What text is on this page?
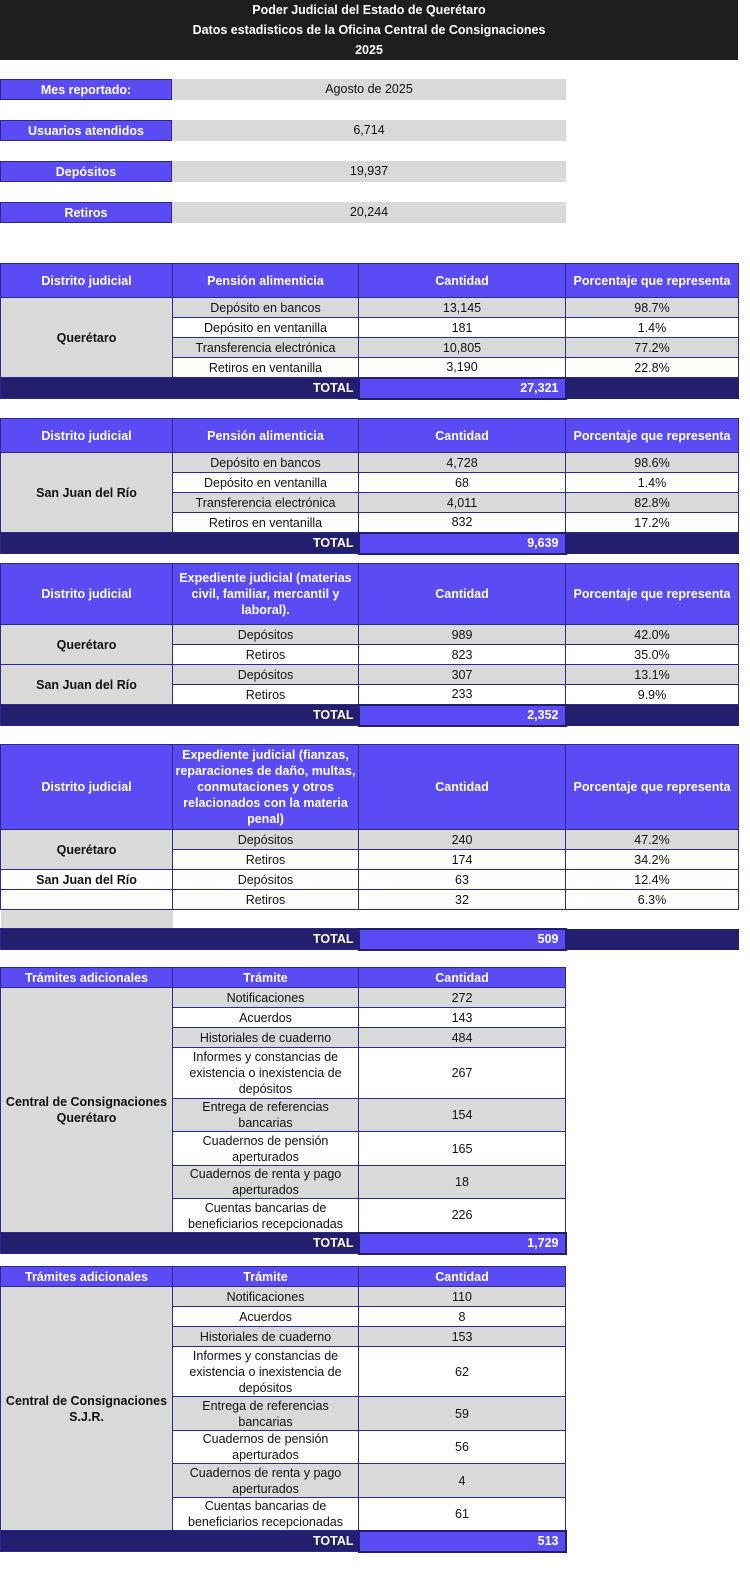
Poder Judicial del Estado de Querétaro
Datos estadisticos de la Oficina Central de Consignaciones
2025
Mes reportado:	Agosto de 2025
Usuarios atendidos	6,714
Depósitos	19,937
Retiros	20,244
Distrito judicial	Pensión alimenticia	Cantidad	Porcentaje que representa
Querétaro	Depósito en bancos	13,145	98.7%
	Depósito en ventanilla	181	1.4%
	Transferencia electrónica	10,805	77.2%
	Retiros en ventanilla	3,190	22.8%
TOTAL		27,321	
Distrito judicial	Pensión alimenticia	Cantidad	Porcentaje que representa
San Juan del Río	Depósito en bancos	4,728	98.6%
	Depósito en ventanilla	68	1.4%
	Transferencia electrónica	4,011	82.8%
	Retiros en ventanilla	832	17.2%
TOTAL		9,639	
Distrito judicial	Expediente judicial (materias civil, familiar, mercantil y laboral).	Cantidad	Porcentaje que representa
Querétaro	Depósitos	989	42.0%
	Retiros	823	35.0%
San Juan del Río	Depósitos	307	13.1%
	Retiros	233	9.9%
TOTAL		2,352	
Distrito judicial	Expediente judicial (fianzas, reparaciones de daño, multas, conmutaciones y otros relacionados con la materia penal)	Cantidad	Porcentaje que representa
Querétaro	Depósitos	240	47.2%
	Retiros	174	34.2%
San Juan del Río	Depósitos	63	12.4%
	Retiros	32	6.3%

TOTAL		509	
Trámites adicionales	Trámite	Cantidad
Central de Consignaciones Querétaro	Notificaciones	272
	Acuerdos	143
	Historiales de cuaderno	484
	Informes y constancias de existencia o inexistencia de depósitos	267
	Entrega de referencias bancarias	154
	Cuadernos de pensión aperturados	165
	Cuadernos de renta y pago aperturados	18
	Cuentas bancarias de beneficiarios recepcionadas	226
TOTAL		1,729
Trámites adicionales	Trámite	Cantidad
Central de Consignaciones S.J.R.	Notificaciones	110
	Acuerdos	8
	Historiales de cuaderno	153
	Informes y constancias de existencia o inexistencia de depósitos	62
	Entrega de referencias bancarias	59
	Cuadernos de pensión aperturados	56
	Cuadernos de renta y pago aperturados	4
	Cuentas bancarias de beneficiarios recepcionadas	61
TOTAL		513
